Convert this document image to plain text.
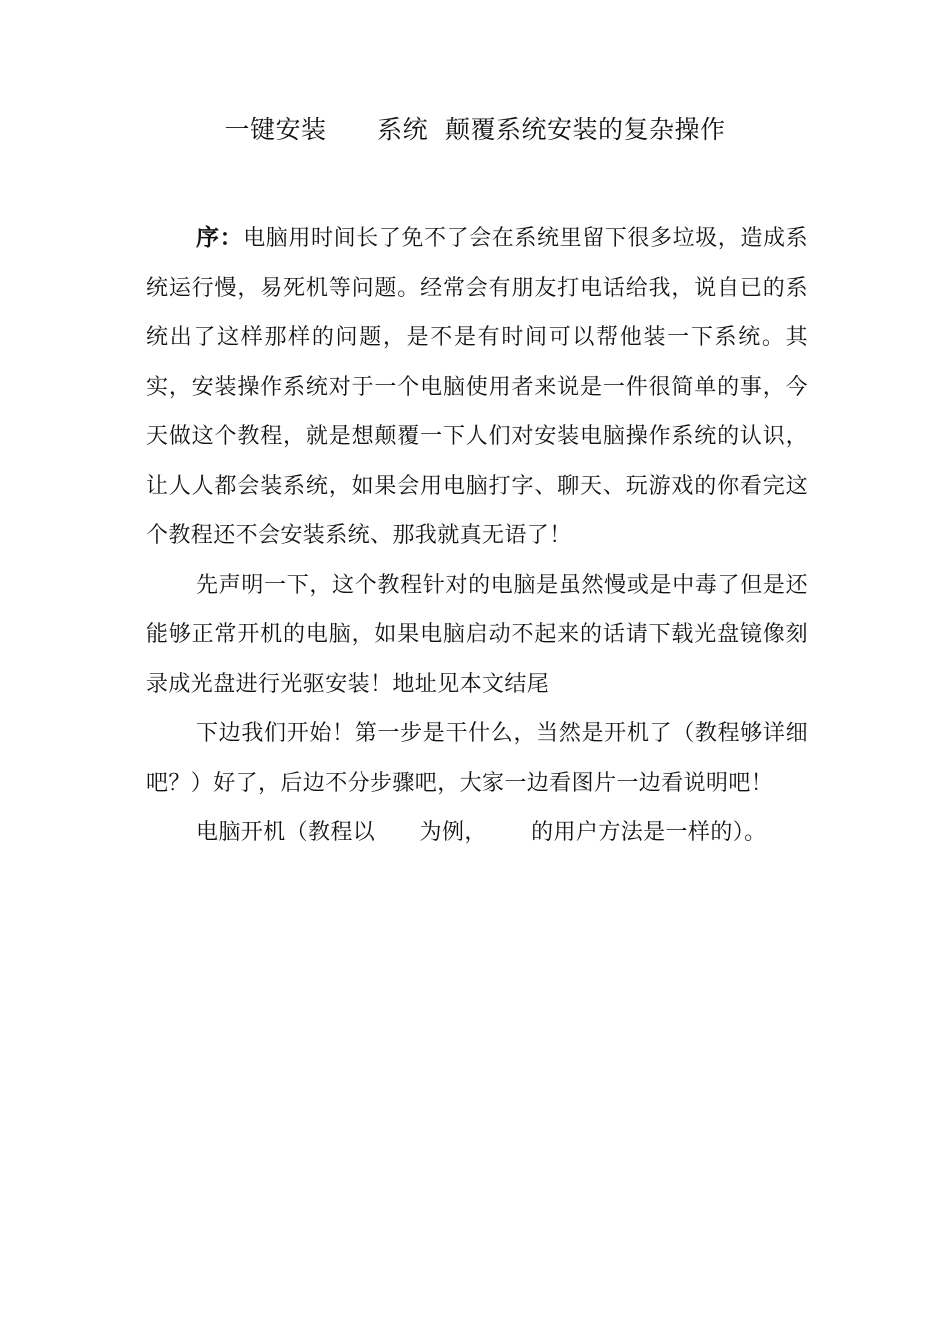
一键安装      系统  颠覆系统安装的复杂操作

序：电脑用时间长了免不了会在系统里留下很多垃圾，造成系统运行慢，易死机等问题。经常会有朋友打电话给我，说自已的系统出了这样那样的问题，是不是有时间可以帮他装一下系统。其实，安装操作系统对于一个电脑使用者来说是一件很简单的事，今天做这个教程，就是想颠覆一下人们对安装电脑操作系统的认识，让人人都会装系统，如果会用电脑打字、聊天、玩游戏的你看完这个教程还不会安装系统、那我就真无语了！

先声明一下，这个教程针对的电脑是虽然慢或是中毒了但是还能够正常开机的电脑，如果电脑启动不起来的话请下载光盘镜像刻录成光盘进行光驱安装！地址见本文结尾

下边我们开始！第一步是干什么，当然是开机了（教程够详细吧？）好了，后边不分步骤吧，大家一边看图片一边看说明吧！

电脑开机（教程以      为例，      的用户方法是一样的）。
